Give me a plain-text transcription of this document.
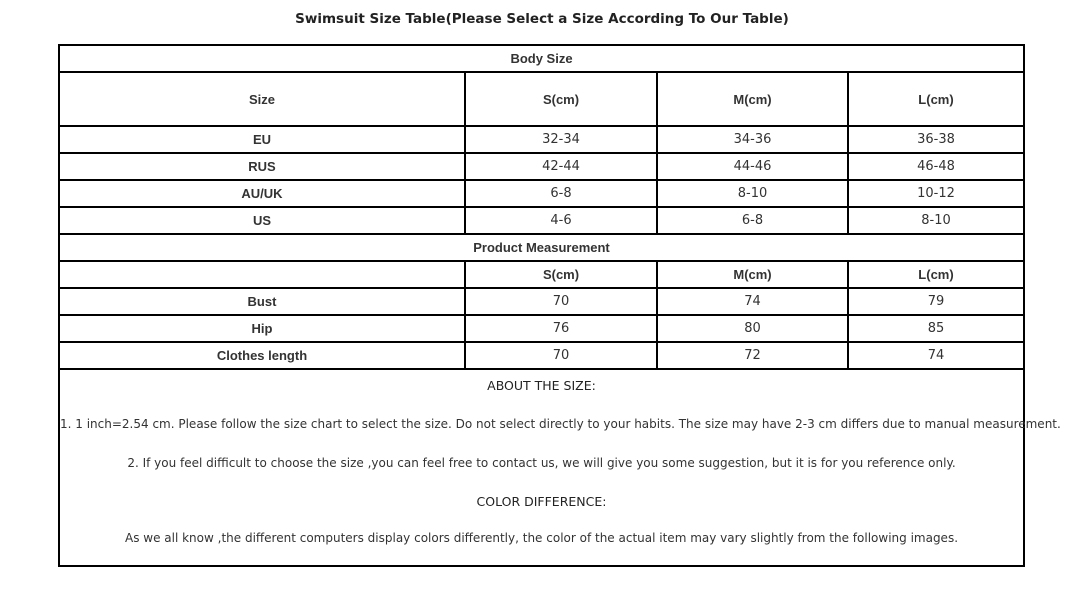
Swimsuit Size Table(Please Select a Size According To Our Table)
Body Size			
Size	S(cm)	M(cm)	L(cm)
EU	32-34	34-36	36-38
RUS	42-44	44-46	46-48
AU/UK	6-8	8-10	10-12
US	4-6	6-8	8-10
Product Measurement			
	S(cm)	M(cm)	L(cm)
Bust	70	74	79
Hip	76	80	85
Clothes length	70	72	74

ABOUT THE SIZE:
1. 1 inch=2.54 cm. Please follow the size chart to select the size. Do not select directly to your habits. The size may have 2-3 cm differs due to manual measurement.
2. If you feel difficult to choose the size ,you can feel free to contact us, we will give you some suggestion, but it is for you reference only.
COLOR DIFFERENCE:
As we all know ,the different computers display colors differently, the color of the actual item may vary slightly from the following images.			
